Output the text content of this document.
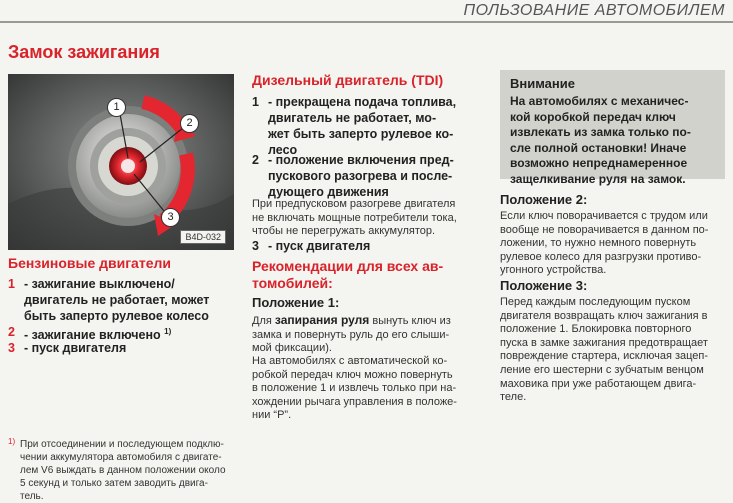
ПОЛЬЗОВАНИЕ АВТОМОБИЛЕМ
Замок зажигания
1
2
3
B4D-032
Бензиновые двигатели
1 - зажигание выключено/
двигатель не работает, может
быть заперто рулевое колесо
2 - зажигание включено $^{1)}$
3 - пуск двигателя
1) При отсоединении и последующем подклю-
чении аккумулятора автомобиля с двигате-
лем V6 выждать в данном положении около
5 секунд и только затем заводить двига-
тель.
Дизельный двигатель (TDI)
1 - прекращена подача топлива,
двигатель не работает, мо-
жет быть заперто рулевое ко-
лесо
2 - положение включения пред-
пускового разогрева и после-
дующего движения
При предпусковом разогреве двигателя
не включать мощные потребители тока,
чтобы не перегружать аккумулятор.
3 - пуск двигателя
Рекомендации для всех ав-
томобилей:
Положение 1:
Для запирания руля вынуть ключ из
замка и повернуть руль до его слыши-
мой фиксации).
На автомобилях с автоматической ко-
робкой передач ключ можно повернуть
в положение 1 и извлечь только при на-
хождении рычага управления в положе-
нии “P”.
Внимание
На автомобилях с механичес-
кой коробкой передач ключ
извлекать из замка только по-
сле полной остановки! Иначе
возможно непреднамеренное
защелкивание руля на замок.
Положение 2:
Если ключ поворачивается с трудом или
вообще не поворачивается в данном по-
ложении, то нужно немного повернуть
рулевое колесо для разгрузки противо-
угонного устройства.
Положение 3:
Перед каждым последующим пуском
двигателя возвращать ключ зажигания в
положение 1. Блокировка повторного
пуска в замке зажигания предотвращает
повреждение стартера, исключая зацеп-
ление его шестерни с зубчатым венцом
маховика при уже работающем двига-
теле.
